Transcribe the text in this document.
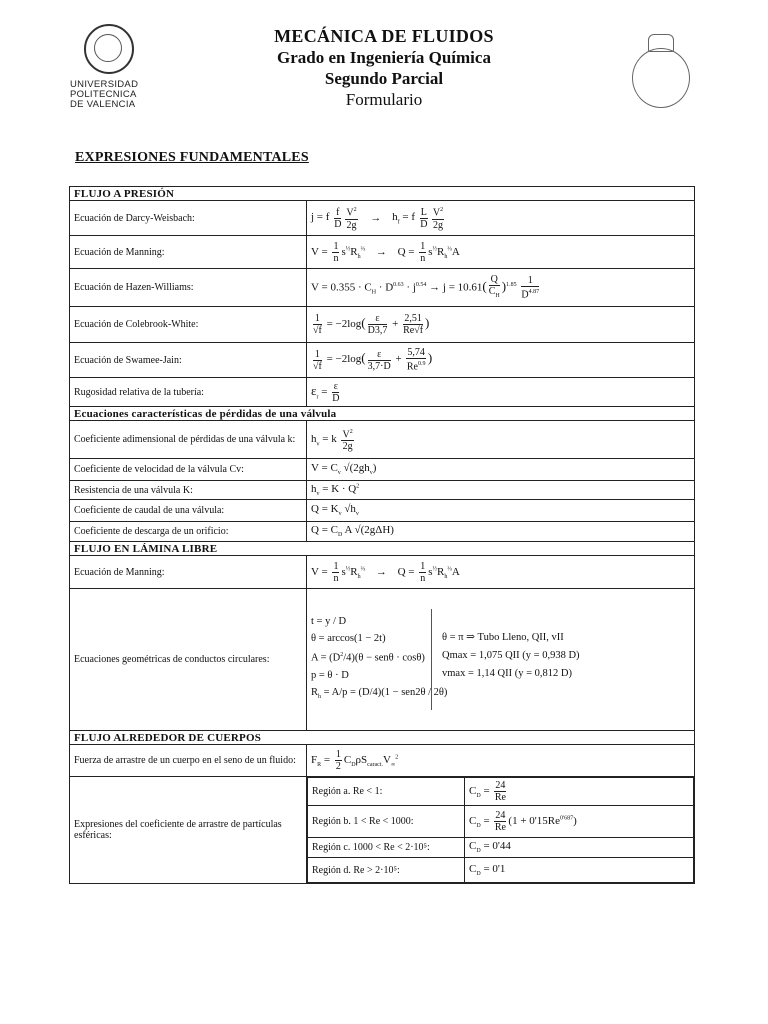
UNIVERSIDAD
POLITECNICA
DE VALENCIA
MECÁNICA DE FLUIDOS
Grado en Ingeniería Química
Segundo Parcial
Formulario
EXPRESIONES FUNDAMENTALES
FLUJO A PRESIÓN
Ecuación de Darcy-Weisbach:	j = f $\frac{f}{D} \frac{V^2}{2g} \to h_f = f \frac{L}{D} \frac{V^2}{2g}$

Ecuación de Manning:	$V = \frac{1}{n} s^{\frac{1}{2}}R_h^{\frac{2}{3}} \to Q = \frac{1}{n} s^{\frac{1}{2}}R_h^{\frac{2}{3}}A$
Ecuación de Hazen-Williams:	$V = 0.355 \cdot C_H \cdot D^{0.63} \cdot j^{0.54} \to j = 10.61( \frac{Q}{C_H} )^{1.85} \frac{1}{D^{4.87}}$

Ecuación de Colebrook-White:	$\frac{1}{√f} = -2\log( \frac{\varepsilon}{D3,7} + \frac{2,51}{Re√f}$ )
Ecuación de Swamee-Jain:	$\frac{1}{√f} = -2\log( \frac{\varepsilon}{3,7\cdot D} + \frac{5,74}{Re^{0.9}}$ )
Rugosidad relativa de la tubería:	$\varepsilon_r = \frac{\varepsilon}{D}$

Ecuaciones características de pérdidas de una válvula
Coeficiente adimensional de pérdidas de una válvula k:	$h_v = k \frac{V^2}{2g}$

Coeficiente de velocidad de la válvula Cv:	$V = C_v$ $√(2gh_v)$
Resistencia de una válvula K:	$h_v = K \cdot Q^2$
Coeficiente de caudal de una válvula:	$Q = K_v$ $√h_v$
Coeficiente de descarga de un orificio:	$Q = C_D$ A √(2gΔH)
FLUJO EN LÁMINA LIBRE
Ecuación de Manning:	$V = \frac{1}{n} s^{\frac{1}{2}}R_h^{\frac{2}{3}} \to Q = \frac{1}{n} s^{\frac{1}{2}}R_h^{\frac{2}{3}}A$
Ecuaciones geométricas de conductos circulares:	
t = y / D
θ = arccos(1 − 2t)
$A = (D^2/4)(\theta - sen\theta \cdot \cos\theta)$
p = θ · D
$R_h = A/p = (D/4)(1 - sen2\theta / 2\theta)$
θ = π ⇒ Tubo Lleno, QII, vII
Qmax = 1,075 QII (y = 0,938 D)
vmax = 1,14 QII (y = 0,812 D)

FLUJO ALREDEDOR DE CUERPOS
Fuerza de arrastre de un cuerpo en el seno de un fluido:	$F_R = \frac{1}{2} C_D\rho S_{caract.}V_\infty^2$
Expresiones del coeficiente de arrastre de partículas esféricas:	
Región a. Re < 1:	$C_D = \frac{24}{Re}$

Región b. 1 < Re < 1000:	$C_D = \frac{24}{Re} (1 + 0'15Re^{0'687})$
Región c. 1000 < Re < 2·10⁵:	$C_D = 0'44$
Región d. Re > 2·10⁵:	$C_D = 0'1$
